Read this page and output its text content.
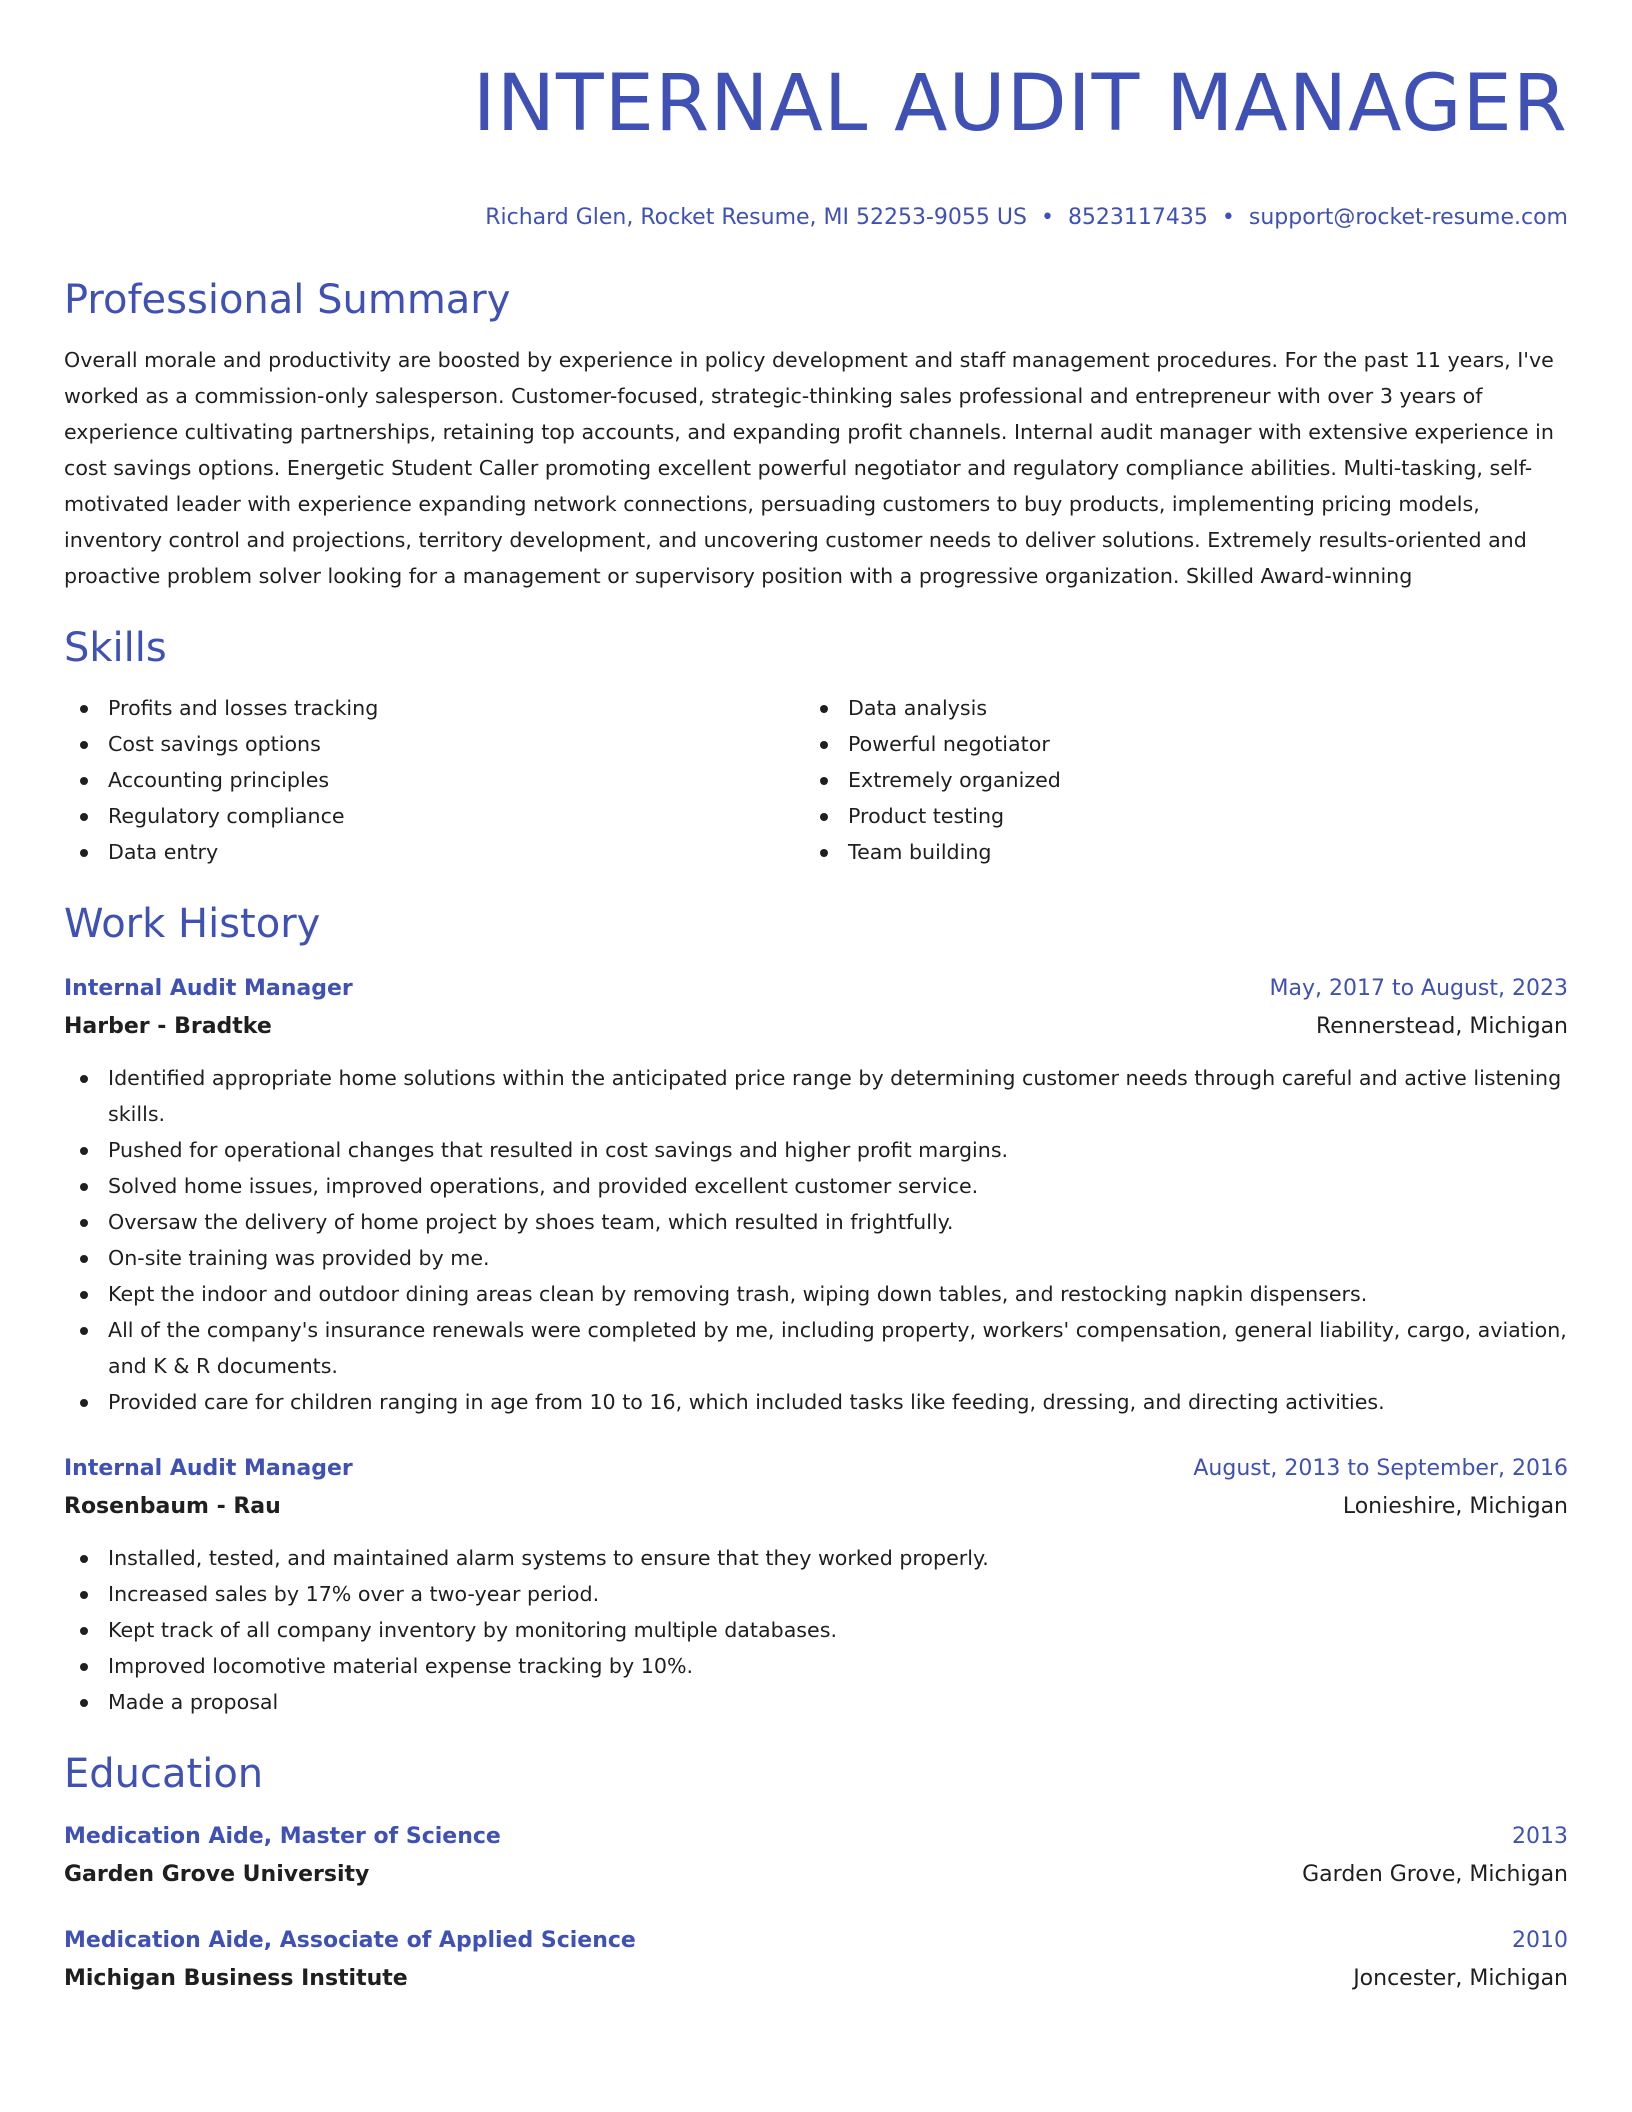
INTERNAL AUDIT MANAGER
Richard Glen, Rocket Resume, MI 52253-9055 US • 8523117435 • support@rocket-resume.com
Professional Summary

Overall morale and productivity are boosted by experience in policy development and staff management procedures. For the past 11 years, I've worked as a commission-only salesperson. Customer-focused, strategic-thinking sales professional and entrepreneur with over 3 years of experience cultivating partnerships, retaining top accounts, and expanding profit channels. Internal audit manager with extensive experience in cost savings options. Energetic Student Caller promoting excellent powerful negotiator and regulatory compliance abilities. Multi-tasking, self-motivated leader with experience expanding network connections, persuading customers to buy products, implementing pricing models, inventory control and projections, territory development, and uncovering customer needs to deliver solutions. Extremely results-oriented and proactive problem solver looking for a management or supervisory position with a progressive organization. Skilled Award-winning

Skills
Profits and losses tracking
Cost savings options
Accounting principles
Regulatory compliance
Data entry
Data analysis
Powerful negotiator
Extremely organized
Product testing
Team building
Work History
Internal Audit Manager	May, 2017 to August, 2023
Harber - Bradtke	Rennerstead, Michigan
Identified appropriate home solutions within the anticipated price range by determining customer needs through careful and active listening skills.
Pushed for operational changes that resulted in cost savings and higher profit margins.
Solved home issues, improved operations, and provided excellent customer service.
Oversaw the delivery of home project by shoes team, which resulted in frightfully.
On-site training was provided by me.
Kept the indoor and outdoor dining areas clean by removing trash, wiping down tables, and restocking napkin dispensers.
All of the company's insurance renewals were completed by me, including property, workers' compensation, general liability, cargo, aviation, and K & R documents.
Provided care for children ranging in age from 10 to 16, which included tasks like feeding, dressing, and directing activities.
Internal Audit Manager	August, 2013 to September, 2016
Rosenbaum - Rau	Lonieshire, Michigan
Installed, tested, and maintained alarm systems to ensure that they worked properly.
Increased sales by 17% over a two-year period.
Kept track of all company inventory by monitoring multiple databases.
Improved locomotive material expense tracking by 10%.
Made a proposal
Education
Medication Aide, Master of Science	2013
Garden Grove University	Garden Grove, Michigan
Medication Aide, Associate of Applied Science	2010
Michigan Business Institute	Joncester, Michigan
